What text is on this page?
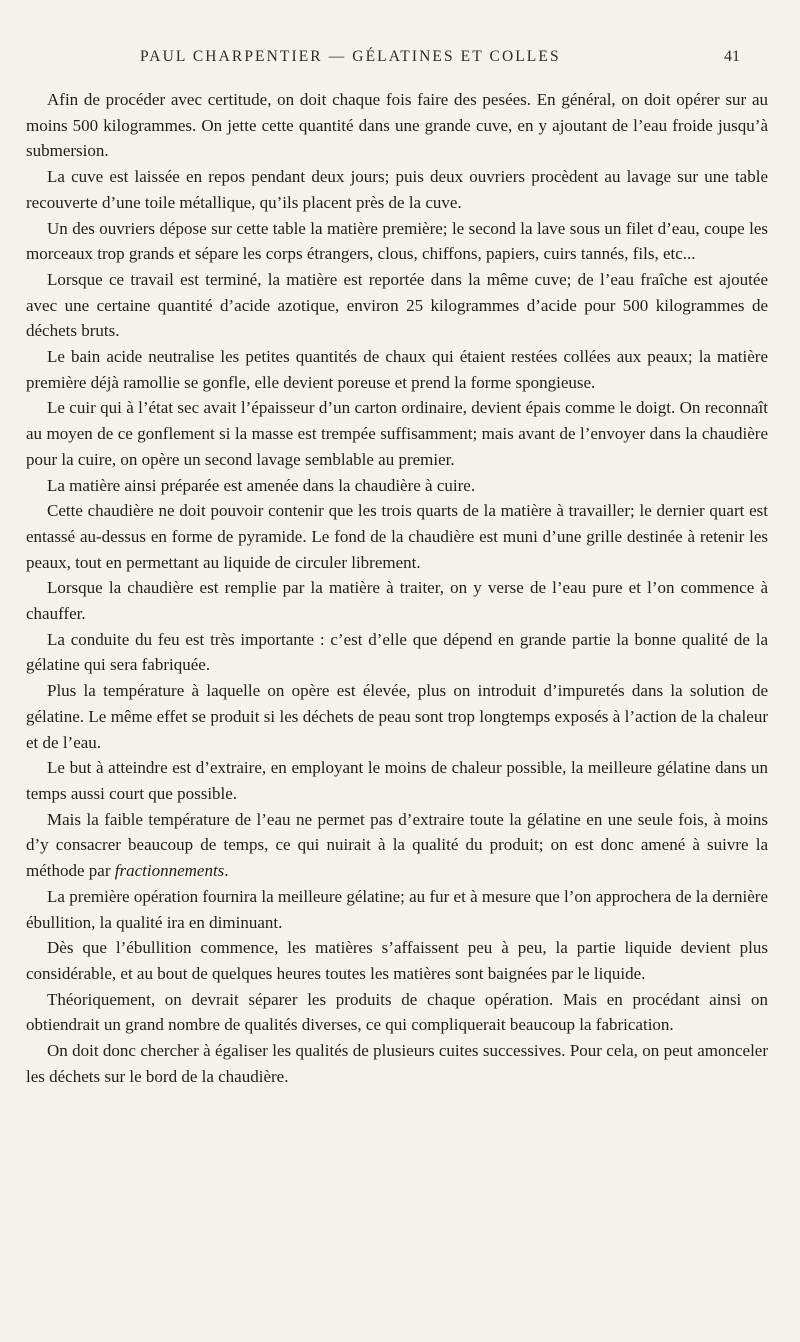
PAUL CHARPENTIER — GÉLATINES ET COLLES	41

Afin de procéder avec certitude, on doit chaque fois faire des pesées. En général, on doit opérer sur au moins 500 kilogrammes. On jette cette quantité dans une grande cuve, en y ajoutant de l’eau froide jusqu’à submersion.

La cuve est laissée en repos pendant deux jours; puis deux ouvriers procèdent au lavage sur une table recouverte d’une toile métallique, qu’ils placent près de la cuve.

Un des ouvriers dépose sur cette table la matière première; le second la lave sous un filet d’eau, coupe les morceaux trop grands et sépare les corps étrangers, clous, chiffons, papiers, cuirs tannés, fils, etc...

Lorsque ce travail est terminé, la matière est reportée dans la même cuve; de l’eau fraîche est ajoutée avec une certaine quantité d’acide azotique, environ 25 kilogrammes d’acide pour 500 kilogrammes de déchets bruts.

Le bain acide neutralise les petites quantités de chaux qui étaient restées collées aux peaux; la matière première déjà ramollie se gonfle, elle devient poreuse et prend la forme spongieuse.

Le cuir qui à l’état sec avait l’épaisseur d’un carton ordinaire, devient épais comme le doigt. On reconnaît au moyen de ce gonflement si la masse est trempée suffisamment; mais avant de l’envoyer dans la chaudière pour la cuire, on opère un second lavage semblable au premier.

La matière ainsi préparée est amenée dans la chaudière à cuire.

Cette chaudière ne doit pouvoir contenir que les trois quarts de la matière à travailler; le dernier quart est entassé au-dessus en forme de pyramide. Le fond de la chaudière est muni d’une grille destinée à retenir les peaux, tout en permettant au liquide de circuler librement.

Lorsque la chaudière est remplie par la matière à traiter, on y verse de l’eau pure et l’on commence à chauffer.

La conduite du feu est très importante : c’est d’elle que dépend en grande partie la bonne qualité de la gélatine qui sera fabriquée.

Plus la température à laquelle on opère est élevée, plus on introduit d’impuretés dans la solution de gélatine. Le même effet se produit si les déchets de peau sont trop longtemps exposés à l’action de la chaleur et de l’eau.

Le but à atteindre est d’extraire, en employant le moins de chaleur possible, la meilleure gélatine dans un temps aussi court que possible.

Mais la faible température de l’eau ne permet pas d’extraire toute la gélatine en une seule fois, à moins d’y consacrer beaucoup de temps, ce qui nuirait à la qualité du produit; on est donc amené à suivre la méthode par fractionnements.

La première opération fournira la meilleure gélatine; au fur et à mesure que l’on approchera de la dernière ébullition, la qualité ira en diminuant.

Dès que l’ébullition commence, les matières s’affaissent peu à peu, la partie liquide devient plus considérable, et au bout de quelques heures toutes les matières sont baignées par le liquide.

Théoriquement, on devrait séparer les produits de chaque opération. Mais en procédant ainsi on obtiendrait un grand nombre de qualités diverses, ce qui compliquerait beaucoup la fabrication.

On doit donc chercher à égaliser les qualités de plusieurs cuites successives. Pour cela, on peut amonceler les déchets sur le bord de la chaudière.
